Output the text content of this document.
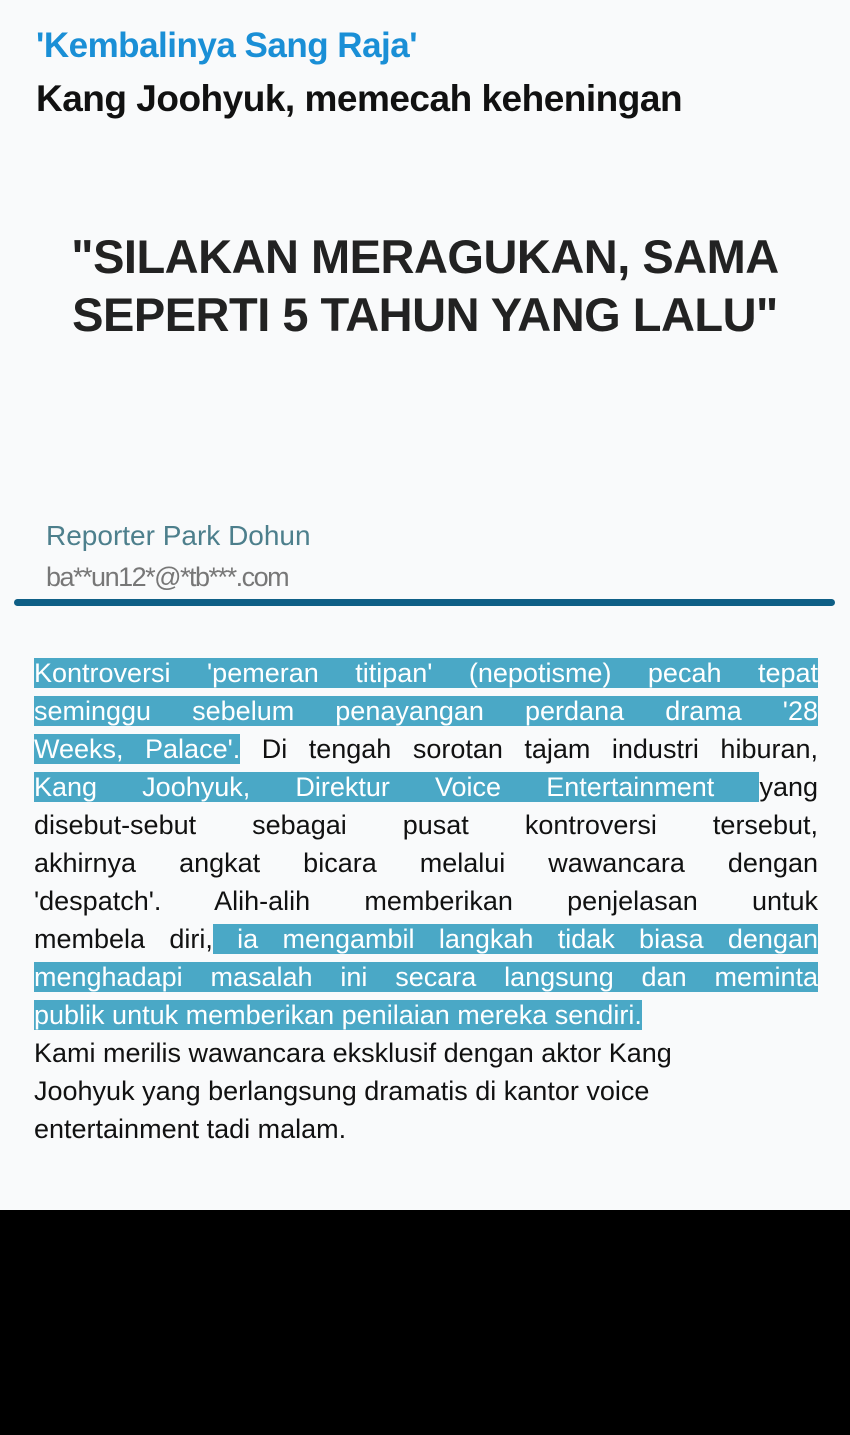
'Kembalinya Sang Raja'
Kang Joohyuk, memecah keheningan
"SILAKAN MERAGUKAN, SAMA
SEPERTI 5 TAHUN YANG LALU"
Reporter Park Dohun
ba**un12*@*tb***.com
Kontroversi 'pemeran titipan' (nepotisme) pecah tepat
seminggu sebelum penayangan perdana drama '28
Weeks, Palace'. Di tengah sorotan tajam industri hiburan,
Kang Joohyuk, Direktur Voice Entertainment yang
disebut-sebut sebagai pusat kontroversi tersebut,
akhirnya angkat bicara melalui wawancara dengan
'despatch'. Alih-alih memberikan penjelasan untuk
membela diri, ia mengambil langkah tidak biasa dengan
menghadapi masalah ini secara langsung dan meminta
publik untuk memberikan penilaian mereka sendiri.
Kami merilis wawancara eksklusif dengan aktor Kang
Joohyuk yang berlangsung dramatis di kantor voice
entertainment tadi malam.
